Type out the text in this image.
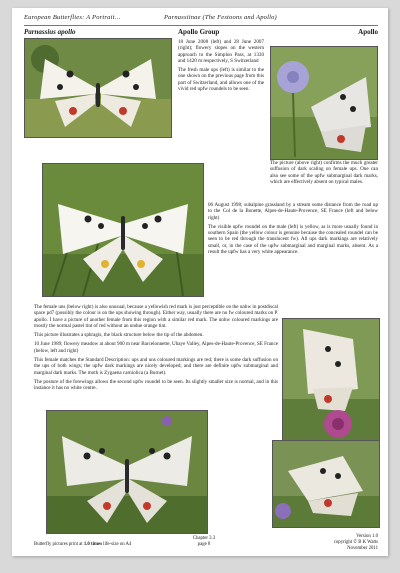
European Butterflies: A Portrait…	Parnassiinae (The Festoons and Apollo)
Parnassius apollo	Apollo Group	Apollo

18 June 2008 (left) and 28 June 2007 (right); flowery slopes on the western approach to the Simplon Pass, at 1330 and 1420 m respectively, S Switzerland

The fresh male ups (left) is similar to the one shown on the previous page from this part of Switzerland, and allows one of the vivid red upfw roundels to be seen.

The picture (above right) confirms the much greater suffusion of dark scaling on female ups. One can also see some of the upfw submarginal dark marks, which are effectively absent on typical males.

06 August 1998; subalpine grassland by a stream some distance from the road up to the Col de la Bonette, Alpes-de-Haute-Provence, SE France (left and below right)

The visible upfw roundel on the male (left) is yellow, as is more usually found in southern Spain (the yellow colour is genuine because the concealed roundel can be seen to be red through the translucent fw). All ups dark markings are relatively small, or, in the case of the upfw submarginal and marginal marks, absent. As a result the upfw has a very white appearance.

The female uns (below right) is also unusual, because a yellowish red mark is just perceptible on the unhw in postdiscal space pd7 (possibly the colour is on the ups showing through). Either way, usually there are no fw coloured marks on P. apollo. I have a picture of another female from this region with a similar red mark. The unhw coloured markings are mostly the normal pastel tint of red without an undue orange tint.

This picture illustrates a sphragis, the black structure below the tip of the abdomen.

10 June 1989; flowery meadow at about 900 m near Barcelonnette, Ubaye Valley, Alpes-de-Haute-Provence, SE France (below, left and right)

This female matches the Standard Description: ups and uns coloured markings are red; there is some dark suffusion on the ups of both wings; the upfw dark markings are nicely developed; and there are definite upfw submarginal and marginal dark marks. The moth is Zygaena carniolica (a Burnet).

The posture of the forewings allows the second upfw roundel to be seen. Its slightly smaller size is normal, and in this instance it has no white centre.

Butterfly pictures print at 1.0 times life-size on A4
Chapter 3.3
page 8
Version 1.0
copyright © B K Watts
November 2011
